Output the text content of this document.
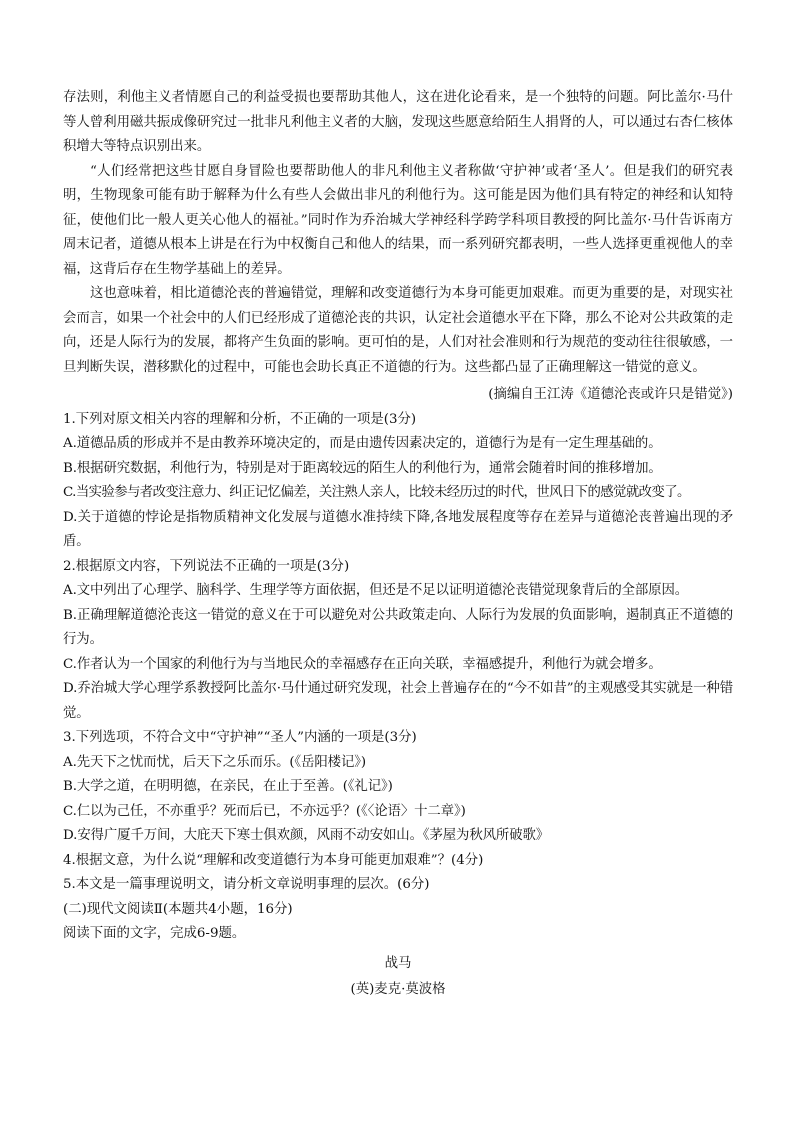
存法则，利他主义者情愿自己的利益受损也要帮助其他人，这在进化论看来，是一个独特的问题。阿比盖尔·马什等人曾利用磁共振成像研究过一批非凡利他主义者的大脑，发现这些愿意给陌生人捐肾的人，可以通过右杏仁核体积增大等特点识别出来。

“人们经常把这些甘愿自身冒险也要帮助他人的非凡利他主义者称做‘守护神’或者‘圣人’。但是我们的研究表明，生物现象可能有助于解释为什么有些人会做出非凡的利他行为。这可能是因为他们具有特定的神经和认知特征，使他们比一般人更关心他人的福祉。”同时作为乔治城大学神经科学跨学科项目教授的阿比盖尔·马什告诉南方周末记者，道德从根本上讲是在行为中权衡自己和他人的结果，而一系列研究都表明，一些人选择更重视他人的幸福，这背后存在生物学基础上的差异。

这也意味着，相比道德沦丧的普遍错觉，理解和改变道德行为本身可能更加艰难。而更为重要的是，对现实社会而言，如果一个社会中的人们已经形成了道德沦丧的共识，认定社会道德水平在下降，那么不论对公共政策的走向，还是人际行为的发展，都将产生负面的影响。更可怕的是，人们对社会准则和行为规范的变动往往很敏感，一旦判断失误，潜移默化的过程中，可能也会助长真正不道德的行为。这些都凸显了正确理解这一错觉的意义。

(摘编自王江涛《道德沦丧或许只是错觉》)

1.下列对原文相关内容的理解和分析，不正确的一项是(3分)

A.道德品质的形成并不是由教养环境决定的，而是由遗传因素决定的，道德行为是有一定生理基础的。

B.根据研究数据，利他行为，特别是对于距离较远的陌生人的利他行为，通常会随着时间的推移增加。

C.当实验参与者改变注意力、纠正记忆偏差，关注熟人亲人，比较未经历过的时代，世风日下的感觉就改变了。

D.关于道德的悖论是指物质精神文化发展与道德水准持续下降,各地发展程度等存在差异与道德沦丧普遍出现的矛盾。

2.根据原文内容，下列说法不正确的一项是(3分)

A.文中列出了心理学、脑科学、生理学等方面依据，但还是不足以证明道德沦丧错觉现象背后的全部原因。

B.正确理解道德沦丧这一错觉的意义在于可以避免对公共政策走向、人际行为发展的负面影响，遏制真正不道德的行为。

C.作者认为一个国家的利他行为与当地民众的幸福感存在正向关联，幸福感提升，利他行为就会增多。

D.乔治城大学心理学系教授阿比盖尔·马什通过研究发现，社会上普遍存在的“今不如昔”的主观感受其实就是一种错觉。

3.下列选项，不符合文中“守护神”“圣人”内涵的一项是(3分)

A.先天下之忧而忧，后天下之乐而乐。(《岳阳楼记》)

B.大学之道，在明明德，在亲民，在止于至善。(《礼记》)

C.仁以为己任，不亦重乎？死而后已，不亦远乎？(《〈论语〉十二章》)

D.安得广厦千万间，大庇天下寒士俱欢颜，风雨不动安如山。《茅屋为秋风所破歌》

4.根据文意，为什么说“理解和改变道德行为本身可能更加艰难”？(4分)

5.本文是一篇事理说明文，请分析文章说明事理的层次。(6分)

(二)现代文阅读Ⅱ(本题共4小题，16分)

阅读下面的文字，完成6-9题。

战马
(英)麦克·莫波格
